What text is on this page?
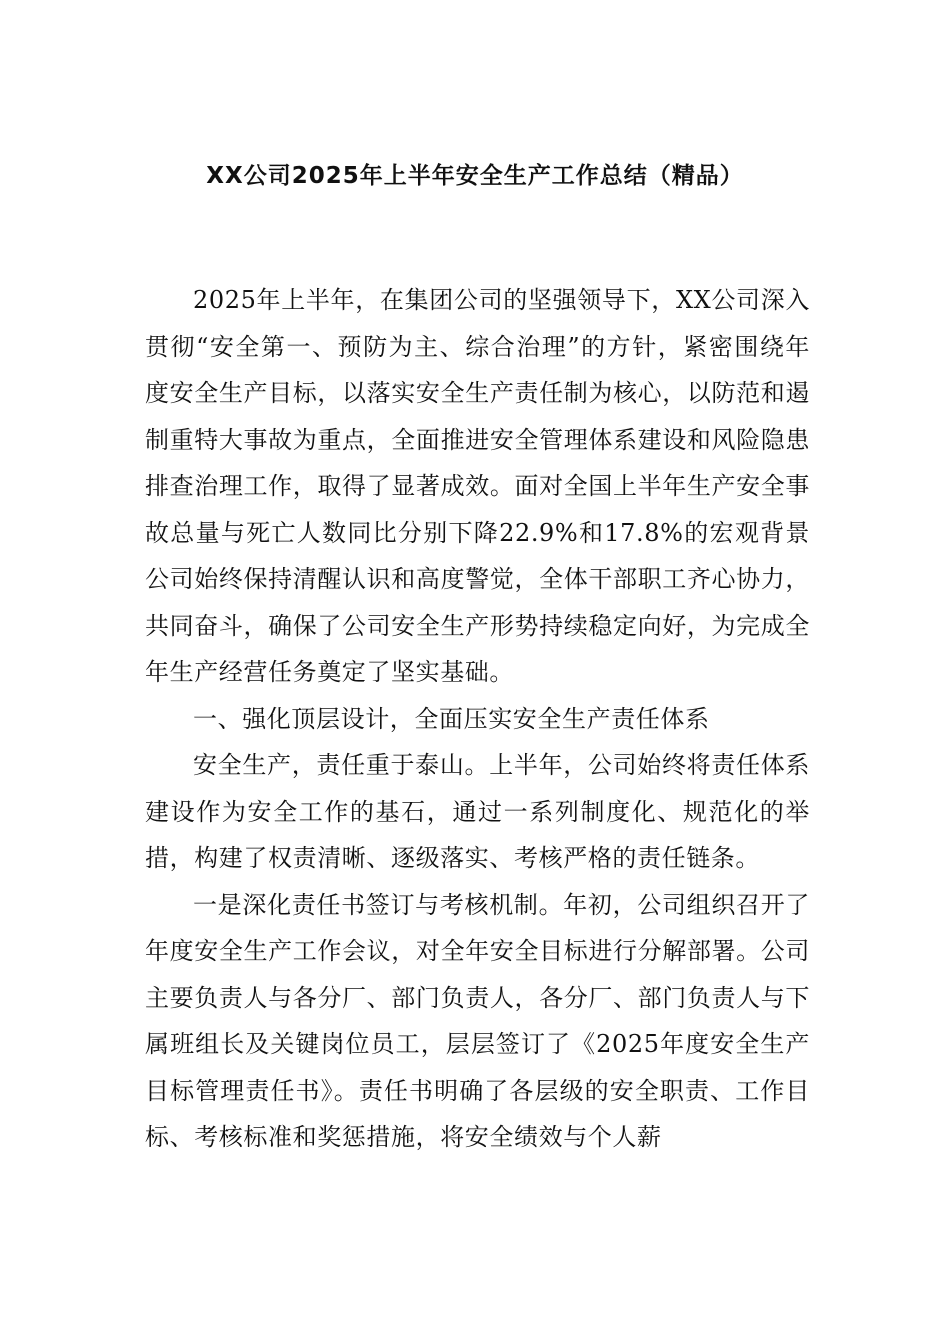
XX公司2025年上半年安全生产工作总结（精品）

2025年上半年，在集团公司的坚强领导下，XX公司深入贯彻“安全第一、预防为主、综合治理”的方针，紧密围绕年度安全生产目标，以落实安全生产责任制为核心，以防范和遏制重特大事故为重点，全面推进安全管理体系建设和风险隐患排查治理工作，取得了显著成效。面对全国上半年生产安全事故总量与死亡人数同比分别下降22.9%和17.8%的宏观背景公司始终保持清醒认识和高度警觉，全体干部职工齐心协力，共同奋斗，确保了公司安全生产形势持续稳定向好，为完成全年生产经营任务奠定了坚实基础。

一、强化顶层设计，全面压实安全生产责任体系

安全生产，责任重于泰山。上半年，公司始终将责任体系建设作为安全工作的基石，通过一系列制度化、规范化的举措，构建了权责清晰、逐级落实、考核严格的责任链条。

一是深化责任书签订与考核机制。年初，公司组织召开了年度安全生产工作会议，对全年安全目标进行分解部署。公司主要负责人与各分厂、部门负责人，各分厂、部门负责人与下属班组长及关键岗位员工，层层签订了《2025年度安全生产目标管理责任书》。责任书明确了各层级的安全职责、工作目标、考核标准和奖惩措施，将安全绩效与个人薪
